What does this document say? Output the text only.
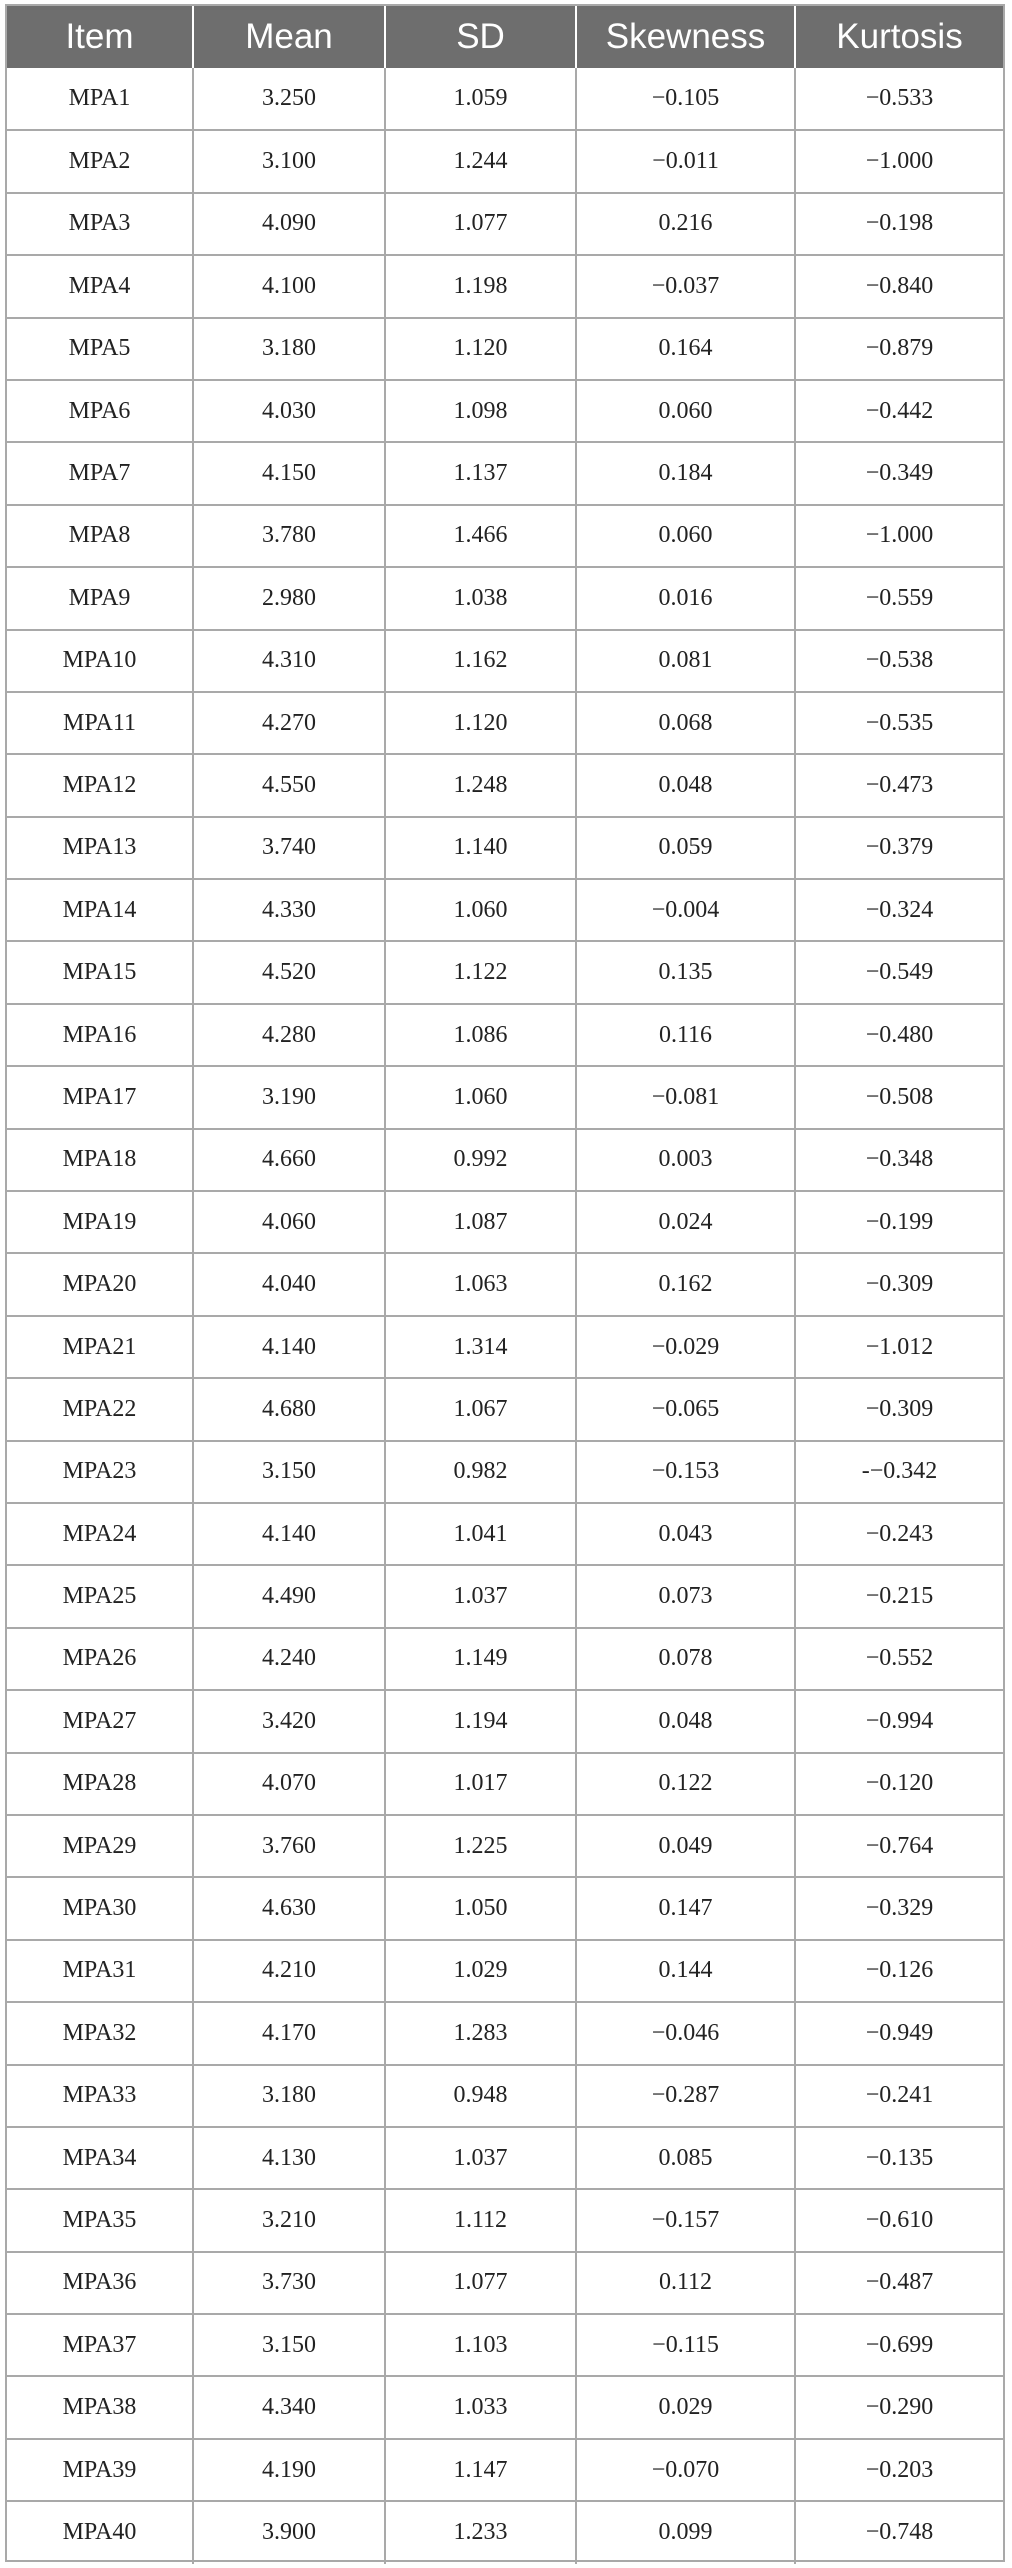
Item	Mean	SD	Skewness	Kurtosis
MPA1	3.250	1.059	−0.105	−0.533
MPA2	3.100	1.244	−0.011	−1.000
MPA3	4.090	1.077	0.216	−0.198
MPA4	4.100	1.198	−0.037	−0.840
MPA5	3.180	1.120	0.164	−0.879
MPA6	4.030	1.098	0.060	−0.442
MPA7	4.150	1.137	0.184	−0.349
MPA8	3.780	1.466	0.060	−1.000
MPA9	2.980	1.038	0.016	−0.559
MPA10	4.310	1.162	0.081	−0.538
MPA11	4.270	1.120	0.068	−0.535
MPA12	4.550	1.248	0.048	−0.473
MPA13	3.740	1.140	0.059	−0.379
MPA14	4.330	1.060	−0.004	−0.324
MPA15	4.520	1.122	0.135	−0.549
MPA16	4.280	1.086	0.116	−0.480
MPA17	3.190	1.060	−0.081	−0.508
MPA18	4.660	0.992	0.003	−0.348
MPA19	4.060	1.087	0.024	−0.199
MPA20	4.040	1.063	0.162	−0.309
MPA21	4.140	1.314	−0.029	−1.012
MPA22	4.680	1.067	−0.065	−0.309
MPA23	3.150	0.982	−0.153	-−0.342
MPA24	4.140	1.041	0.043	−0.243
MPA25	4.490	1.037	0.073	−0.215
MPA26	4.240	1.149	0.078	−0.552
MPA27	3.420	1.194	0.048	−0.994
MPA28	4.070	1.017	0.122	−0.120
MPA29	3.760	1.225	0.049	−0.764
MPA30	4.630	1.050	0.147	−0.329
MPA31	4.210	1.029	0.144	−0.126
MPA32	4.170	1.283	−0.046	−0.949
MPA33	3.180	0.948	−0.287	−0.241
MPA34	4.130	1.037	0.085	−0.135
MPA35	3.210	1.112	−0.157	−0.610
MPA36	3.730	1.077	0.112	−0.487
MPA37	3.150	1.103	−0.115	−0.699
MPA38	4.340	1.033	0.029	−0.290
MPA39	4.190	1.147	−0.070	−0.203
MPA40	3.900	1.233	0.099	−0.748
